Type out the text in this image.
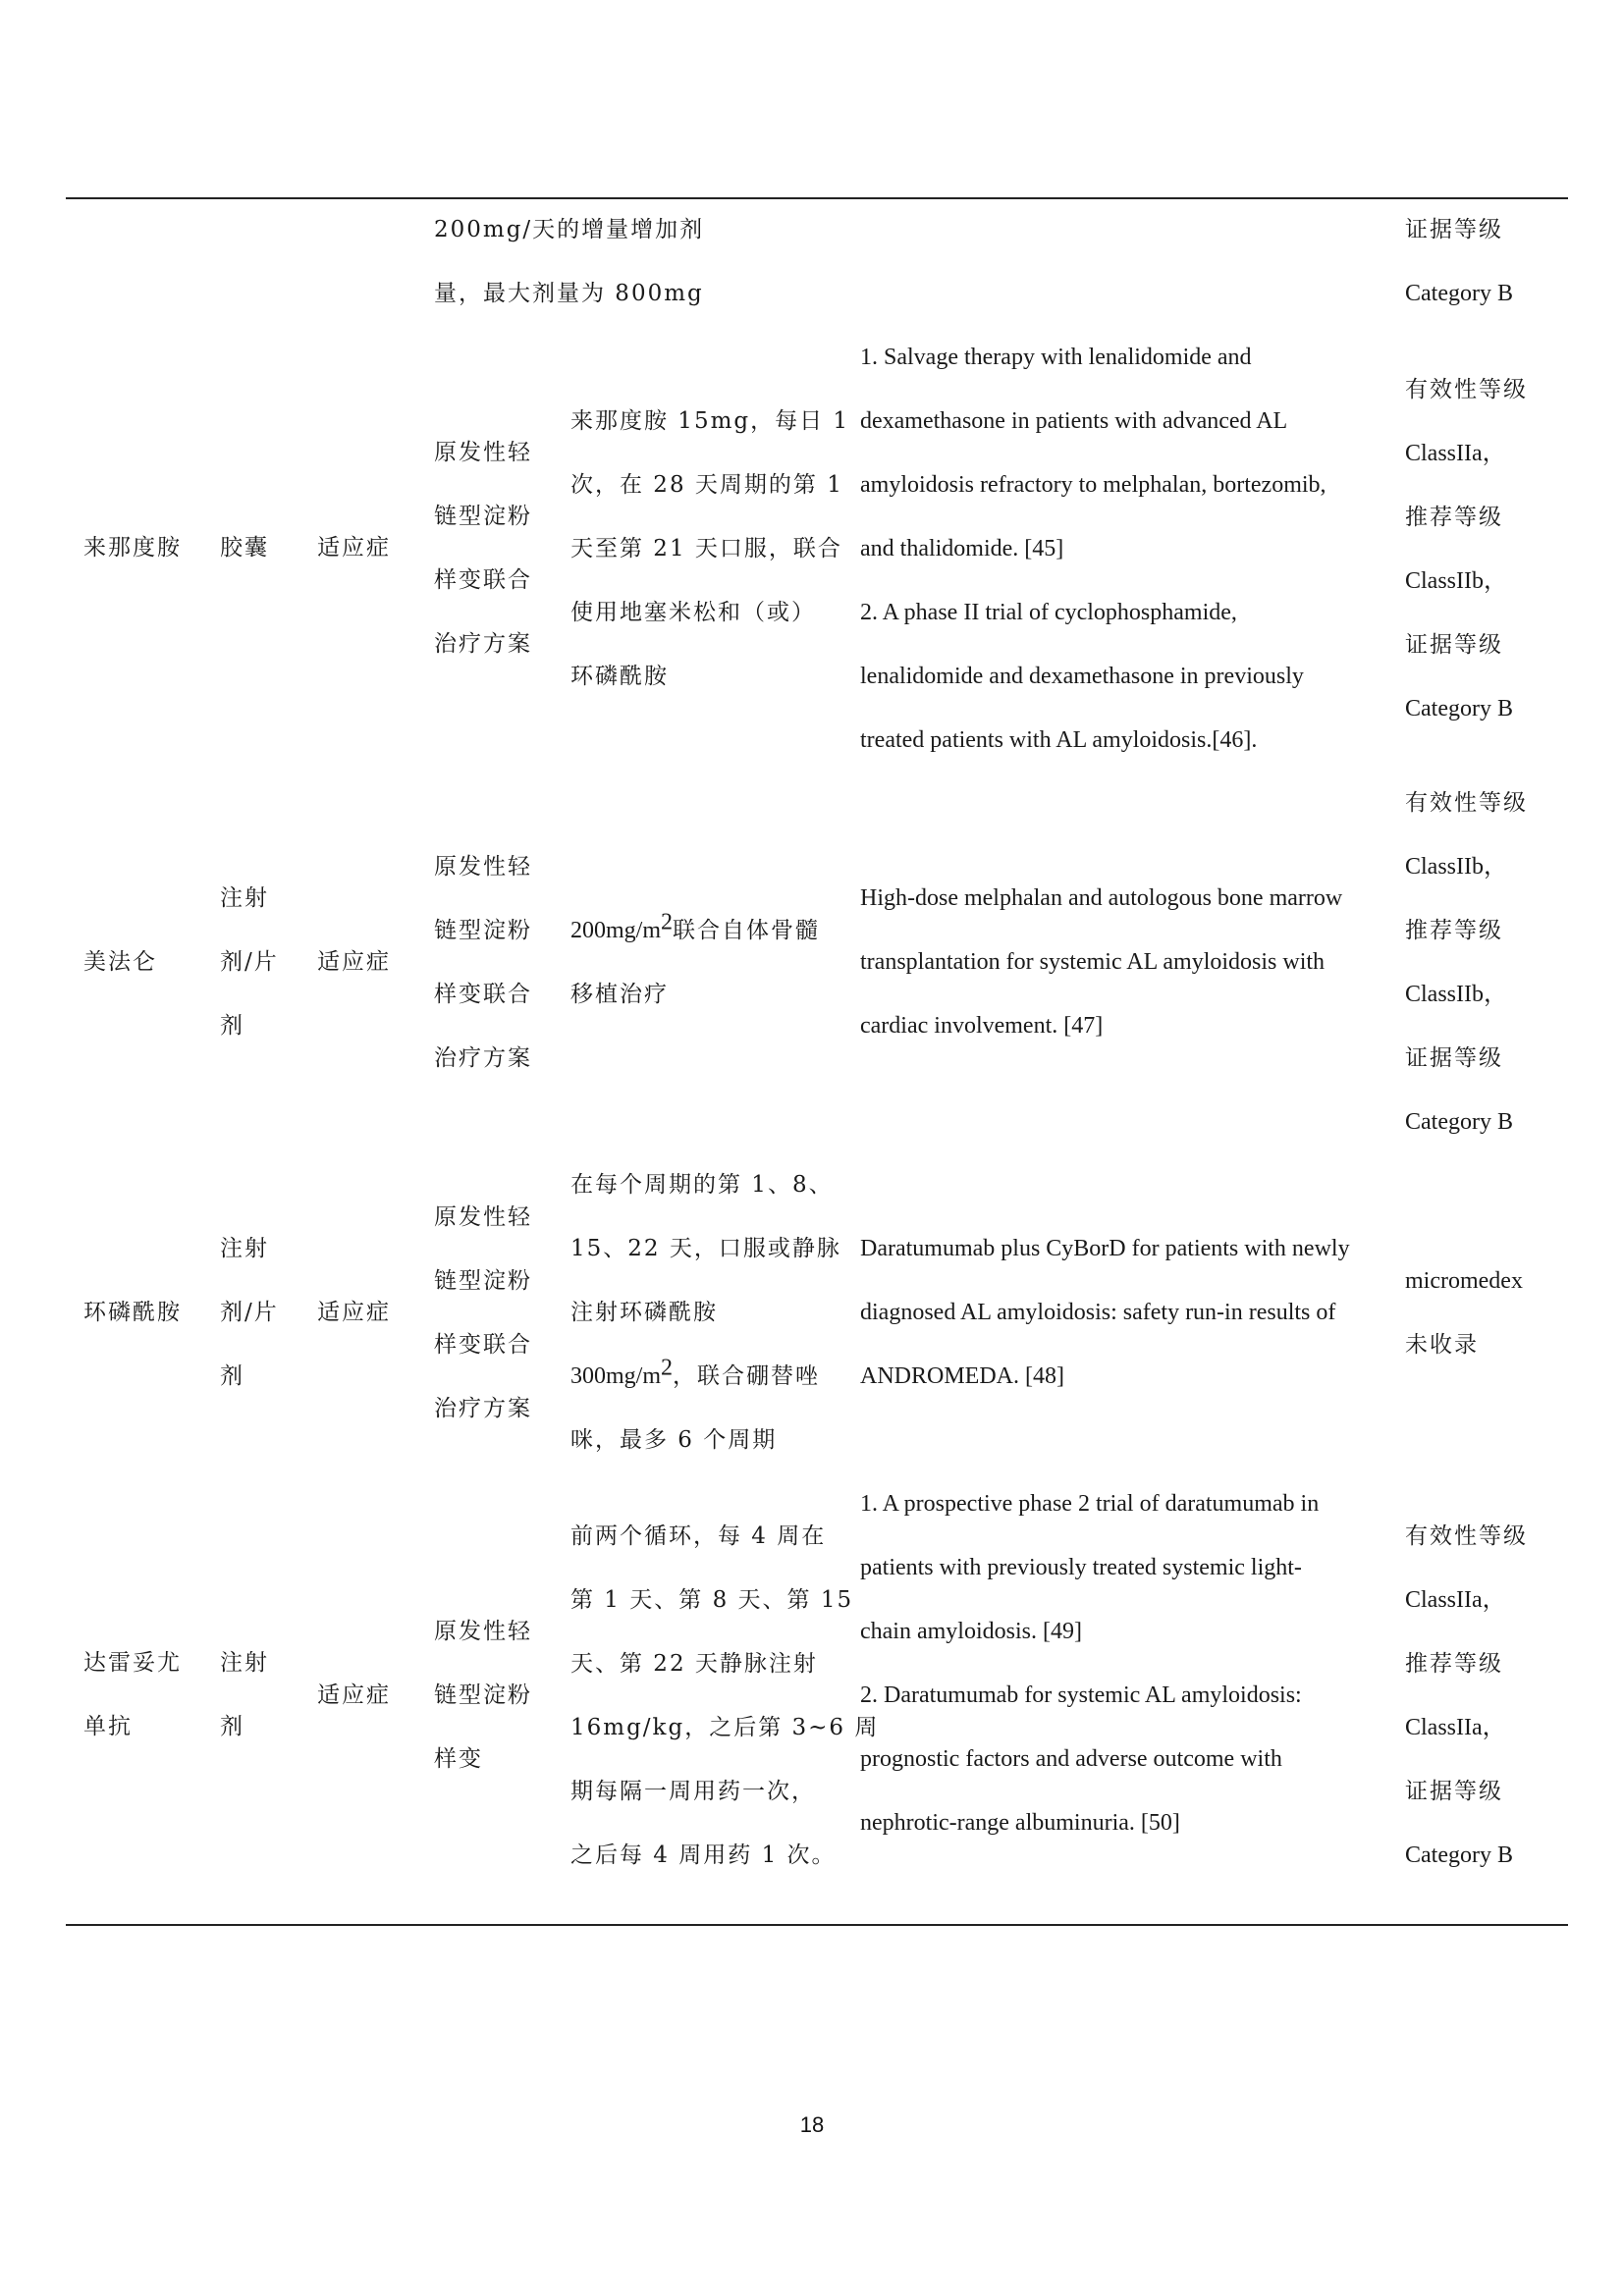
200mg/天的增量增加剂
量，最大剂量为 800mg
证据等级
Category B
来那度胺 胶囊 适应症
原发性轻
链型淀粉
样变联合
治疗方案
来那度胺 15mg，每日 1
次，在 28 天周期的第 1
天至第 21 天口服，联合
使用地塞米松和（或）
环磷酰胺
1. Salvage therapy with lenalidomide and
dexamethasone in patients with advanced AL
amyloidosis refractory to melphalan, bortezomib,
and thalidomide. [45]
2. A phase II trial of cyclophosphamide,
lenalidomide and dexamethasone in previously
treated patients with AL amyloidosis.[46].
有效性等级
ClassIIa，
推荐等级
ClassIIb，
证据等级
Category B
美法仑
注射
剂/片
剂
适应症
原发性轻
链型淀粉
样变联合
治疗方案
$200mg/m^2$联合自体骨髓
移植治疗
High-dose melphalan and autologous bone marrow
transplantation for systemic AL amyloidosis with
cardiac involvement. [47]
有效性等级
ClassIIb，
推荐等级
ClassIIb，
证据等级
Category B
环磷酰胺
注射
剂/片
剂
适应症
原发性轻
链型淀粉
样变联合
治疗方案
在每个周期的第 1、8、
15、22 天，口服或静脉
注射环磷酰胺
$300mg/m^2$，联合硼替唑
咪，最多 6 个周期
Daratumumab plus CyBorD for patients with newly
diagnosed AL amyloidosis: safety run-in results of
ANDROMEDA. [48]
micromedex
未收录
达雷妥尤
单抗
注射
剂
适应症
原发性轻
链型淀粉
样变
前两个循环，每 4 周在
第 1 天、第 8 天、第 15
天、第 22 天静脉注射
16mg/kg，之后第 3~6 周
期每隔一周用药一次，
之后每 4 周用药 1 次。
1. A prospective phase 2 trial of daratumumab in
patients with previously treated systemic light-
chain amyloidosis. [49]
2. Daratumumab for systemic AL amyloidosis:
prognostic factors and adverse outcome with
nephrotic-range albuminuria. [50]
有效性等级
ClassIIa，
推荐等级
ClassIIa，
证据等级
Category B
18
